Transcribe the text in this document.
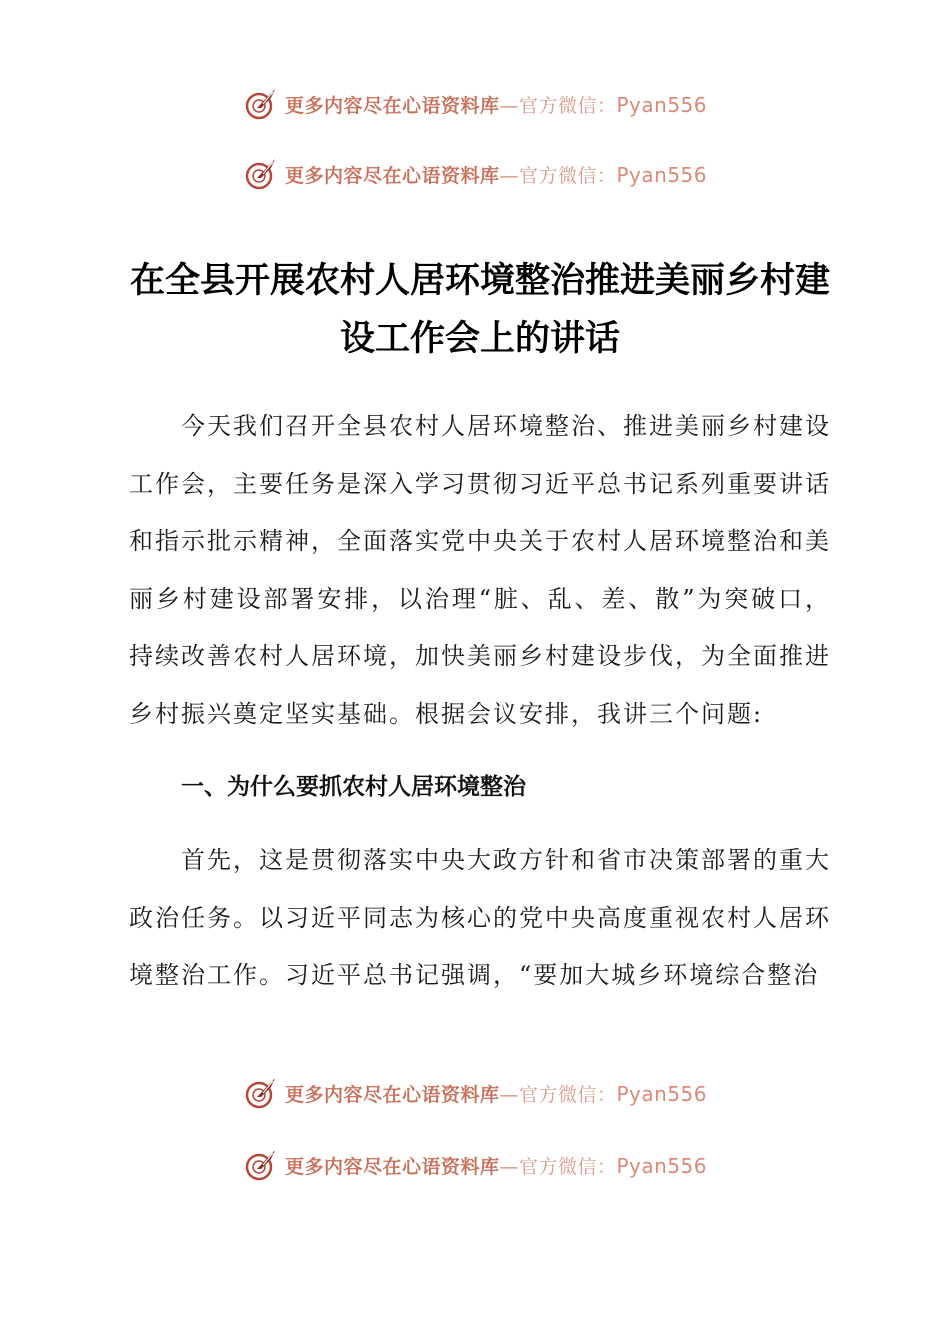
更多内容尽在心语资料库—官方微信：Pyan556
更多内容尽在心语资料库—官方微信：Pyan556
在全县开展农村人居环境整治推进美丽乡村建设工作会上的讲话

今天我们召开全县农村人居环境整治、推进美丽乡村建设工作会，主要任务是深入学习贯彻习近平总书记系列重要讲话和指示批示精神，全面落实党中央关于农村人居环境整治和美丽乡村建设部署安排，以治理“脏、乱、差、散”为突破口，持续改善农村人居环境，加快美丽乡村建设步伐，为全面推进乡村振兴奠定坚实基础。根据会议安排，我讲三个问题:

一、为什么要抓农村人居环境整治

首先，这是贯彻落实中央大政方针和省市决策部署的重大政治任务。以习近平同志为核心的党中央高度重视农村人居环境整治工作。习近平总书记强调，“要加大城乡环境综合整治

更多内容尽在心语资料库—官方微信：Pyan556
更多内容尽在心语资料库—官方微信：Pyan556
